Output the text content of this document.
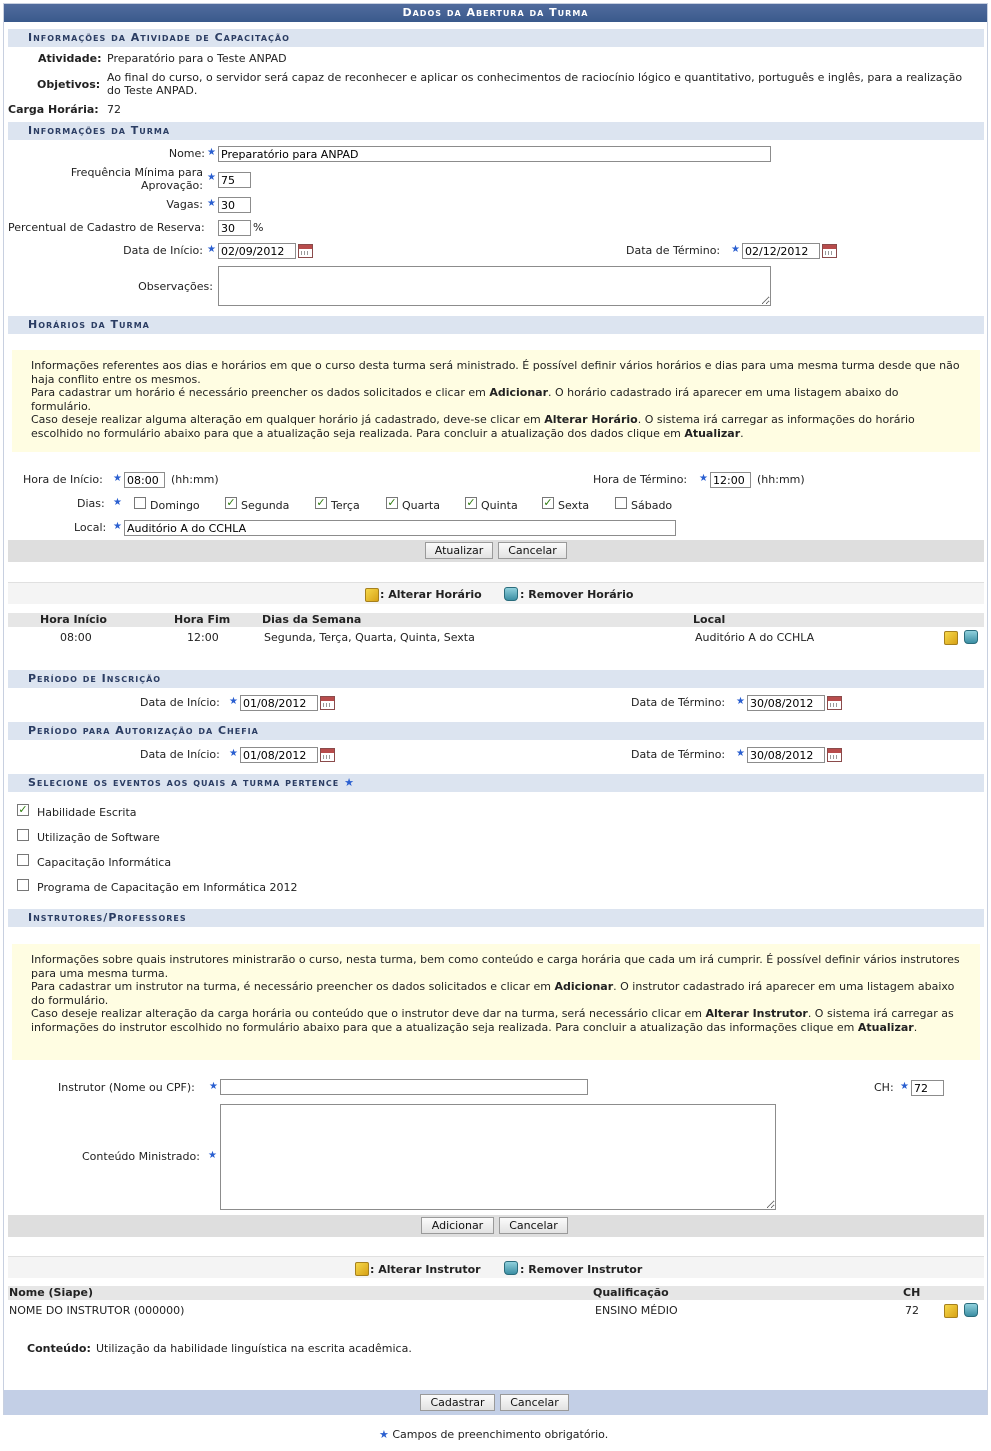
Dados da Abertura da Turma
Informações da Atividade de Capacitação
Atividade: Preparatório para o Teste ANPAD
Objetivos:
Ao final do curso, o servidor será capaz de reconhecer e aplicar os conhecimentos de raciocínio lógico e quantitativo, português e inglês, para a realização do Teste ANPAD.
Carga Horária: 72
Informações da Turma
Nome: ★
Preparatório para ANPAD
Frequência Mínima para
Aprovação:
★
75
Vagas: ★
30
Percentual de Cadastro de Reserva:
30	%
Data de Início: ★
02/09/2012	Data de Término: ★
02/12/2012
Observações:
Horários da Turma
Informações referentes aos dias e horários em que o curso desta turma será ministrado. É possível definir vários horários e dias para uma mesma turma desde que não haja conflito entre os mesmos.
Para cadastrar um horário é necessário preencher os dados solicitados e clicar em Adicionar. O horário cadastrado irá aparecer em uma listagem abaixo do formulário.
Caso deseje realizar alguma alteração em qualquer horário já cadastrado, deve-se clicar em Alterar Horário. O sistema irá carregar as informações do horário escolhido no formulário abaixo para que a atualização seja realizada. Para concluir a atualização dos dados clique em Atualizar.
Hora de Início: ★
08:00	(hh:mm)	Hora de Término: ★
12:00	(hh:mm)
Dias: ★	Domingo ✓ Segunda ✓ Terça	✓ Quarta ✓ Quinta ✓ Sexta	Sábado
Local: ★
Auditório A do CCHLA
Atualizar	Cancelar
: Alterar Horário	: Remover Horário
Hora Início	Hora Fim	Dias da Semana	Local
08:00	12:00	Segunda, Terça, Quarta, Quinta, Sexta	Auditório A do CCHLA
Período de Inscrição
Data de Início: ★
01/08/2012	Data de Término: ★
30/08/2012
Período para Autorização da Chefia
Data de Início: ★
01/08/2012	Data de Término: ★
30/08/2012
Selecione os eventos aos quais a turma pertence ★
✓ Habilidade Escrita
Utilização de Software
Capacitação Informática
Programa de Capacitação em Informática 2012
Instrutores/Professores
Informações sobre quais instrutores ministrarão o curso, nesta turma, bem como conteúdo e carga horária que cada um irá cumprir. É possível definir vários instrutores para uma mesma turma.
Para cadastrar um instrutor na turma, é necessário preencher os dados solicitados e clicar em Adicionar. O instrutor cadastrado irá aparecer em uma listagem abaixo do formulário.
Caso deseje realizar alteração da carga horária ou conteúdo que o instrutor deve dar na turma, será necessário clicar em Alterar Instrutor. O sistema irá carregar as informações do instrutor escolhido no formulário abaixo para que a atualização seja realizada. Para concluir a atualização das informações clique em Atualizar.
Instrutor (Nome ou CPF): ★	CH: ★
72
Conteúdo Ministrado: ★
Adicionar	Cancelar
: Alterar Instrutor	: Remover Instrutor
Nome (Siape)	Qualificação	CH
NOME DO INSTRUTOR (000000)	ENSINO MÉDIO	72
Conteúdo: Utilização da habilidade linguística na escrita acadêmica.
Cadastrar	Cancelar
★ Campos de preenchimento obrigatório.
